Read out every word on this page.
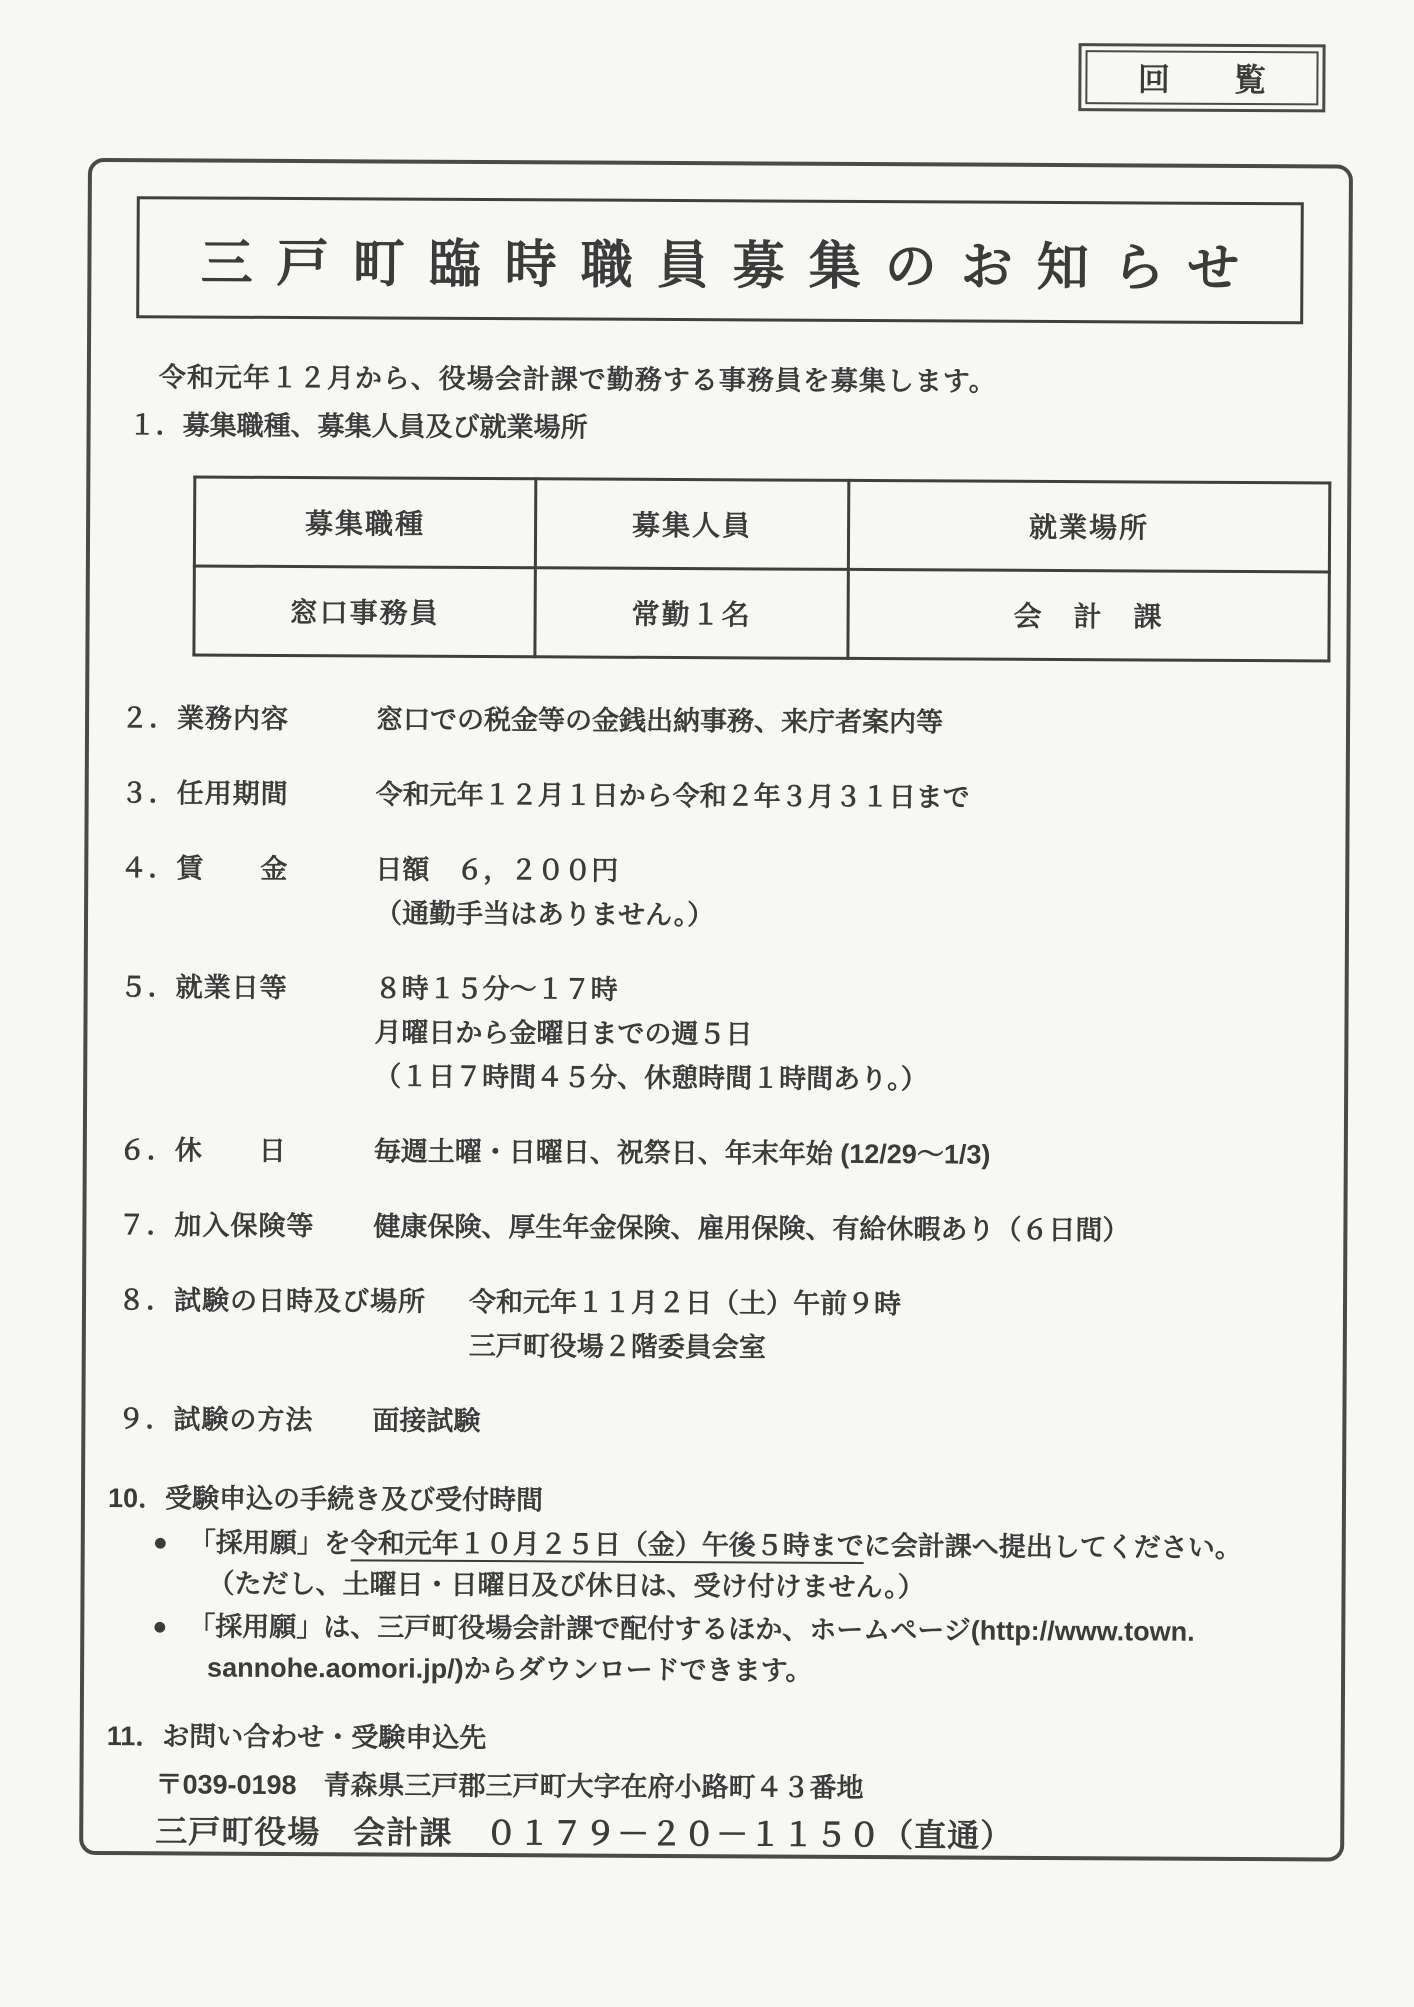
回　覧
三戸町臨時職員募集のお知らせ
令和元年１２月から、役場会計課で勤務する事務員を募集します。
１．募集職種、募集人員及び就業場所
募集職種	募集人員	就業場所
窓口事務員	常勤１名	会　計　課
２．業務内容	窓口での税金等の金銭出納事務、来庁者案内等
３．任用期間	令和元年１２月１日から令和２年３月３１日まで
４．賃　　金	日額　６，２００円
（通勤手当はありません。）
５．就業日等	８時１５分～１７時
月曜日から金曜日までの週５日
（１日７時間４５分、休憩時間１時間あり。）
６．休　　日	毎週土曜・日曜日、祝祭日、年末年始 (12/29～1/3)
７．加入保険等	健康保険、厚生年金保険、雇用保険、有給休暇あり（６日間）
８．試験の日時及び場所	令和元年１１月２日（土）午前９時
三戸町役場２階委員会室
９．試験の方法	面接試験
10．受験申込の手続き及び受付時間
● 「採用願」を令和元年１０月２５日（金）午後５時までに会計課へ提出してください。
（ただし、土曜日・日曜日及び休日は、受け付けません。）
● 「採用願」は、三戸町役場会計課で配付するほか、ホームページ(http://www.town.
sannohe.aomori.jp/)からダウンロードできます。
11．お問い合わせ・受験申込先
〒039-0198　青森県三戸郡三戸町大字在府小路町４３番地
三戸町役場　会計課　０１７９－２０－１１５０（直通）
